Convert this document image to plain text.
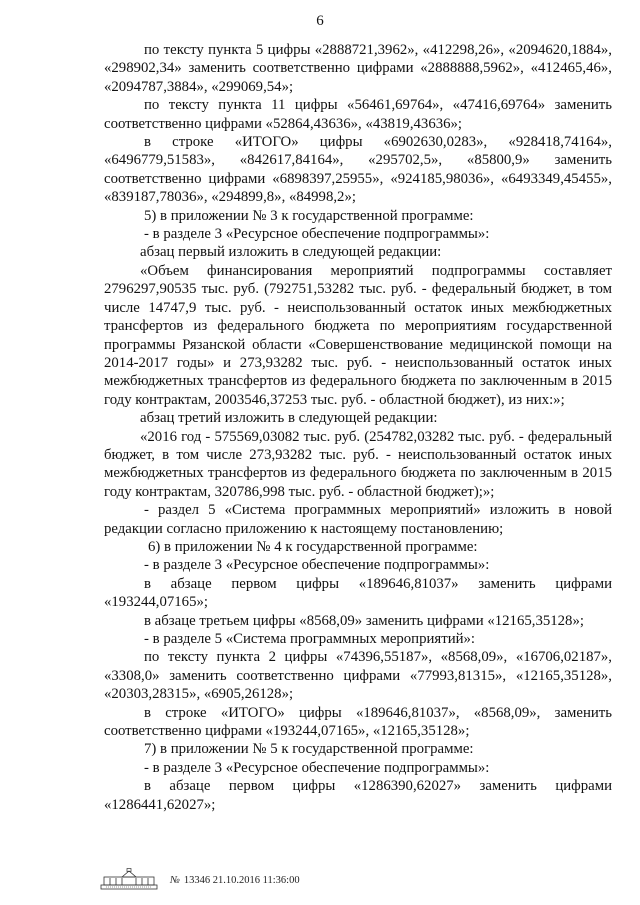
6

по тексту пункта 5 цифры «2888721,3962», «412298,26», «2094620,1884», «298902,34» заменить соответственно цифрами «2888888,5962», «412465,46», «2094787,3884», «299069,54»;

по тексту пункта 11 цифры «56461,69764», «47416,69764» заменить соответственно цифрами «52864,43636», «43819,43636»;

в строке «ИТОГО» цифры «6902630,0283», «928418,74164», «6496779,51583», «842617,84164», «295702,5», «85800,9» заменить соответственно цифрами «6898397,25955», «924185,98036», «6493349,45455», «839187,78036», «294899,8», «84998,2»;

5) в приложении № 3 к государственной программе:

- в разделе 3 «Ресурсное обеспечение подпрограммы»:

абзац первый изложить в следующей редакции:

«Объем финансирования мероприятий подпрограммы составляет 2796297,90535 тыс. руб. (792751,53282 тыс. руб. - федеральный бюджет, в том числе 14747,9 тыс. руб. - неиспользованный остаток иных межбюджетных трансфертов из федерального бюджета по мероприятиям государственной программы Рязанской области «Совершенствование медицинской помощи на 2014-2017 годы» и 273,93282 тыс. руб. - неиспользованный остаток иных межбюджетных трансфертов из федерального бюджета по заключенным в 2015 году контрактам, 2003546,37253 тыс. руб. - областной бюджет), из них:»;

абзац третий изложить в следующей редакции:

«2016 год - 575569,03082 тыс. руб. (254782,03282 тыс. руб. - федеральный бюджет, в том числе 273,93282 тыс. руб. - неиспользованный остаток иных межбюджетных трансфертов из федерального бюджета по заключенным в 2015 году контрактам, 320786,998 тыс. руб. - областной бюджет);»;

- раздел 5 «Система программных мероприятий» изложить в новой редакции согласно приложению к настоящему постановлению;

6) в приложении № 4 к государственной программе:

- в разделе 3 «Ресурсное обеспечение подпрограммы»:

в абзаце первом цифры «189646,81037» заменить цифрами «193244,07165»;

в абзаце третьем цифры «8568,09» заменить цифрами «12165,35128»;

- в разделе 5 «Система программных мероприятий»:

по тексту пункта 2 цифры «74396,55187», «8568,09», «16706,02187», «3308,0» заменить соответственно цифрами «77993,81315», «12165,35128», «20303,28315», «6905,26128»;

в строке «ИТОГО» цифры «189646,81037», «8568,09», заменить соответственно цифрами «193244,07165», «12165,35128»;

7) в приложении № 5 к государственной программе:

- в разделе 3 «Ресурсное обеспечение подпрограммы»:

в абзаце первом цифры «1286390,62027» заменить цифрами «1286441,62027»;

№ 13346 21.10.2016 11:36:00
